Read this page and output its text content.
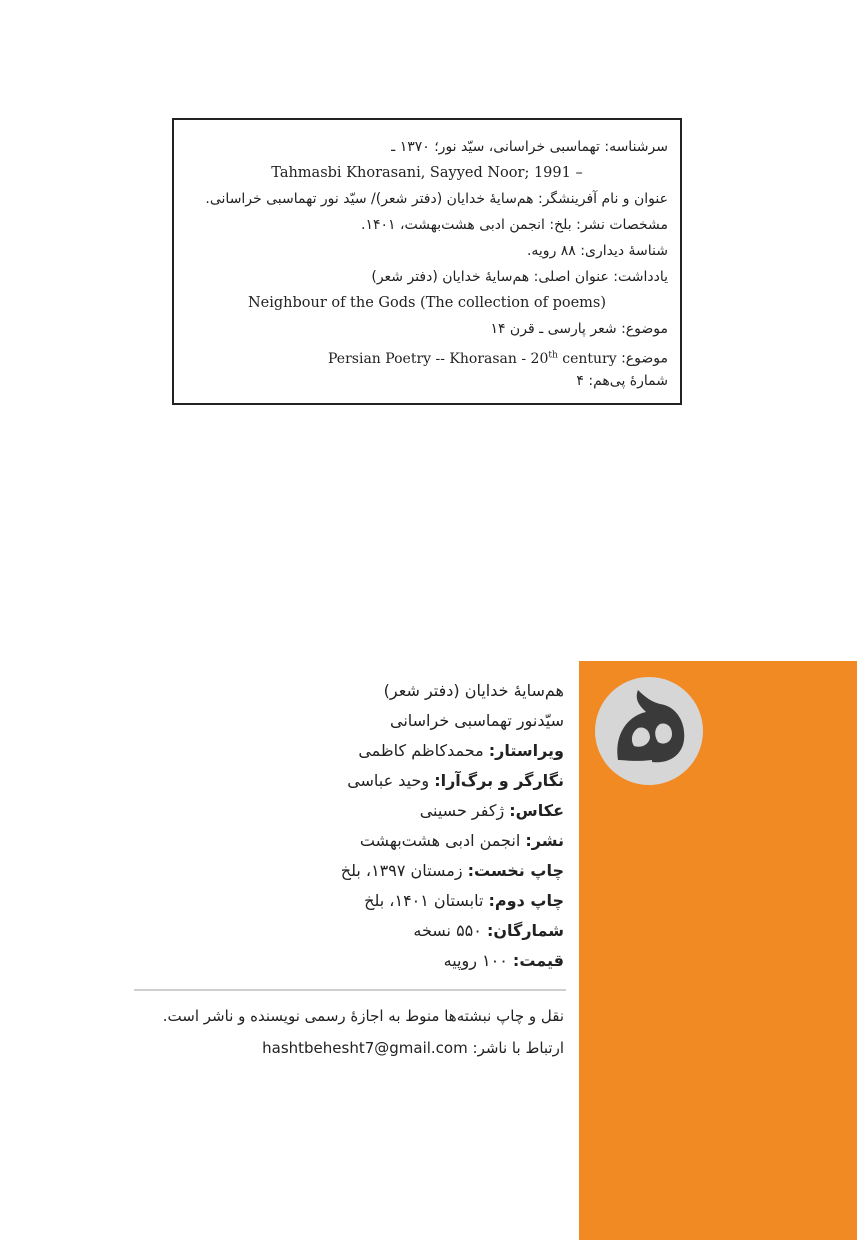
سرشناسه: تهماسبی خراسانی، سیّد نور؛ ۱۳۷۰ ـ
Tahmasbi Khorasani, Sayyed Noor; 1991 –
عنوان و نام آفرینشگر: هم‌سایهٔ خدایان (دفتر شعر)/ سیّد نور تهماسبی خراسانی.
مشخصات نشر: بلخ: انجمن ادبی هشت‌بهشت، ۱۴۰۱.
شناسهٔ دیداری: ۸۸ رویه.
یادداشت: عنوان اصلی: هم‌سایهٔ خدایان (دفتر شعر)
Neighbour of the Gods (The collection of poems)
موضوع: شعر پارسی ـ قرن ۱۴
موضوع: Persian Poetry -- Khorasan - 20th century
شمارهٔ پی‌هم: ۴
هم‌سایهٔ خدایان (دفتر شعر)
سیّدنور تهماسبی خراسانی
ویراستار: محمدکاظم کاظمی
نگارگر و برگ‌آرا: وحید عباسی
عکاس: ژکفر حسینی
نشر: انجمن ادبی هشت‌بهشت
چاپ نخست: زمستان ۱۳۹۷، بلخ
چاپ دوم: تابستان ۱۴۰۱، بلخ
شمارگان: ۵۵۰ نسخه
قیمت: ۱۰۰ روپیه
نقل و چاپ نبشته‌ها منوط به اجازهٔ رسمی نویسنده و ناشر است.
ارتباط با ناشر: hashtbehesht7@gmail.com
